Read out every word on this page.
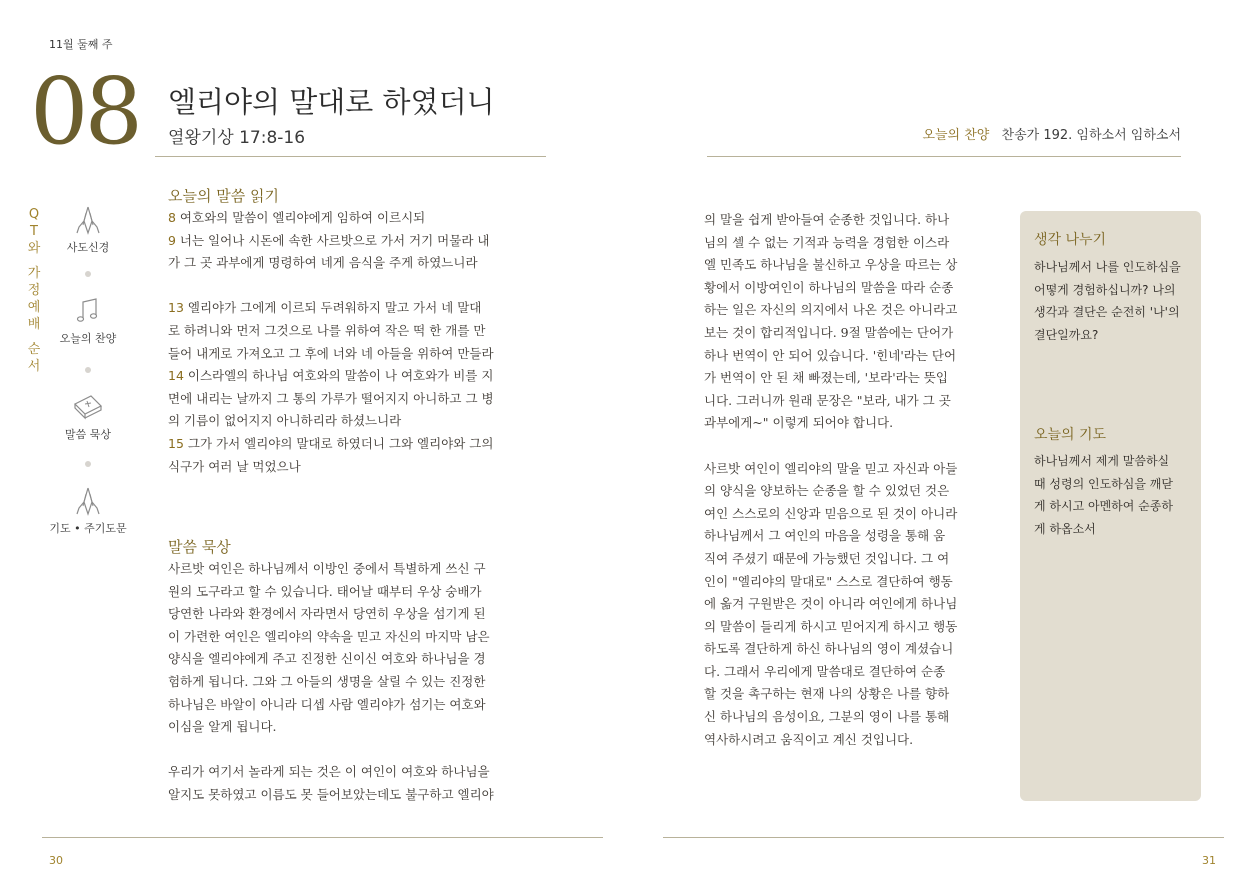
11월 둘째 주
08 엘리야의 말대로 하였더니
열왕기상 17:8-16	오늘의 찬양 찬송가 192. 임하소서 임하소서
Q
T
와
가
정
예
배
순
서
사도신경
오늘의 찬양
말씀 묵상
기도 • 주기도문
오늘의 말씀 읽기

8 여호와의 말씀이 엘리야에게 임하여 이르시되

9 너는 일어나 시돈에 속한 사르밧으로 가서 거기 머물라 내

가 그 곳 과부에게 명령하여 네게 음식을 주게 하였느니라

13 엘리야가 그에게 이르되 두려워하지 말고 가서 네 말대

로 하려니와 먼저 그것으로 나를 위하여 작은 떡 한 개를 만

들어 내게로 가져오고 그 후에 너와 네 아들을 위하여 만들라

14 이스라엘의 하나님 여호와의 말씀이 나 여호와가 비를 지

면에 내리는 날까지 그 통의 가루가 떨어지지 아니하고 그 병

의 기름이 없어지지 아니하리라 하셨느니라

15 그가 가서 엘리야의 말대로 하였더니 그와 엘리야와 그의

식구가 여러 날 먹었으나

말씀 묵상

사르밧 여인은 하나님께서 이방인 중에서 특별하게 쓰신 구

원의 도구라고 할 수 있습니다. 태어날 때부터 우상 숭배가

당연한 나라와 환경에서 자라면서 당연히 우상을 섬기게 된

이 가련한 여인은 엘리야의 약속을 믿고 자신의 마지막 남은

양식을 엘리야에게 주고 진정한 신이신 여호와 하나님을 경

험하게 됩니다. 그와 그 아들의 생명을 살릴 수 있는 진정한

하나님은 바알이 아니라 디셉 사람 엘리야가 섬기는 여호와

이심을 알게 됩니다.

우리가 여기서 놀라게 되는 것은 이 여인이 여호와 하나님을

알지도 못하였고 이름도 못 들어보았는데도 불구하고 엘리야

의 말을 쉽게 받아들여 순종한 것입니다. 하나

님의 셀 수 없는 기적과 능력을 경험한 이스라

엘 민족도 하나님을 불신하고 우상을 따르는 상

황에서 이방여인이 하나님의 말씀을 따라 순종

하는 일은 자신의 의지에서 나온 것은 아니라고

보는 것이 합리적입니다. 9절 말씀에는 단어가

하나 번역이 안 되어 있습니다. '힌네'라는 단어

가 번역이 안 된 채 빠졌는데, '보라'라는 뜻입

니다. 그러니까 원래 문장은 "보라, 내가 그 곳

과부에게~" 이렇게 되어야 합니다.

사르밧 여인이 엘리야의 말을 믿고 자신과 아들

의 양식을 양보하는 순종을 할 수 있었던 것은

여인 스스로의 신앙과 믿음으로 된 것이 아니라

하나님께서 그 여인의 마음을 성령을 통해 움

직여 주셨기 때문에 가능했던 것입니다. 그 여

인이 "엘리야의 말대로" 스스로 결단하여 행동

에 옮겨 구원받은 것이 아니라 여인에게 하나님

의 말씀이 들리게 하시고 믿어지게 하시고 행동

하도록 결단하게 하신 하나님의 영이 계셨습니

다. 그래서 우리에게 말씀대로 결단하여 순종

할 것을 촉구하는 현재 나의 상황은 나를 향하

신 하나님의 음성이요, 그분의 영이 나를 통해

역사하시려고 움직이고 계신 것입니다.

생각 나누기
하나님께서 나를 인도하심을
어떻게 경험하십니까? 나의
생각과 결단은 순전히 '나'의
결단일까요?
오늘의 기도
하나님께서 제게 말씀하실
때 성령의 인도하심을 깨닫
게 하시고 아멘하여 순종하
게 하옵소서
30	31
